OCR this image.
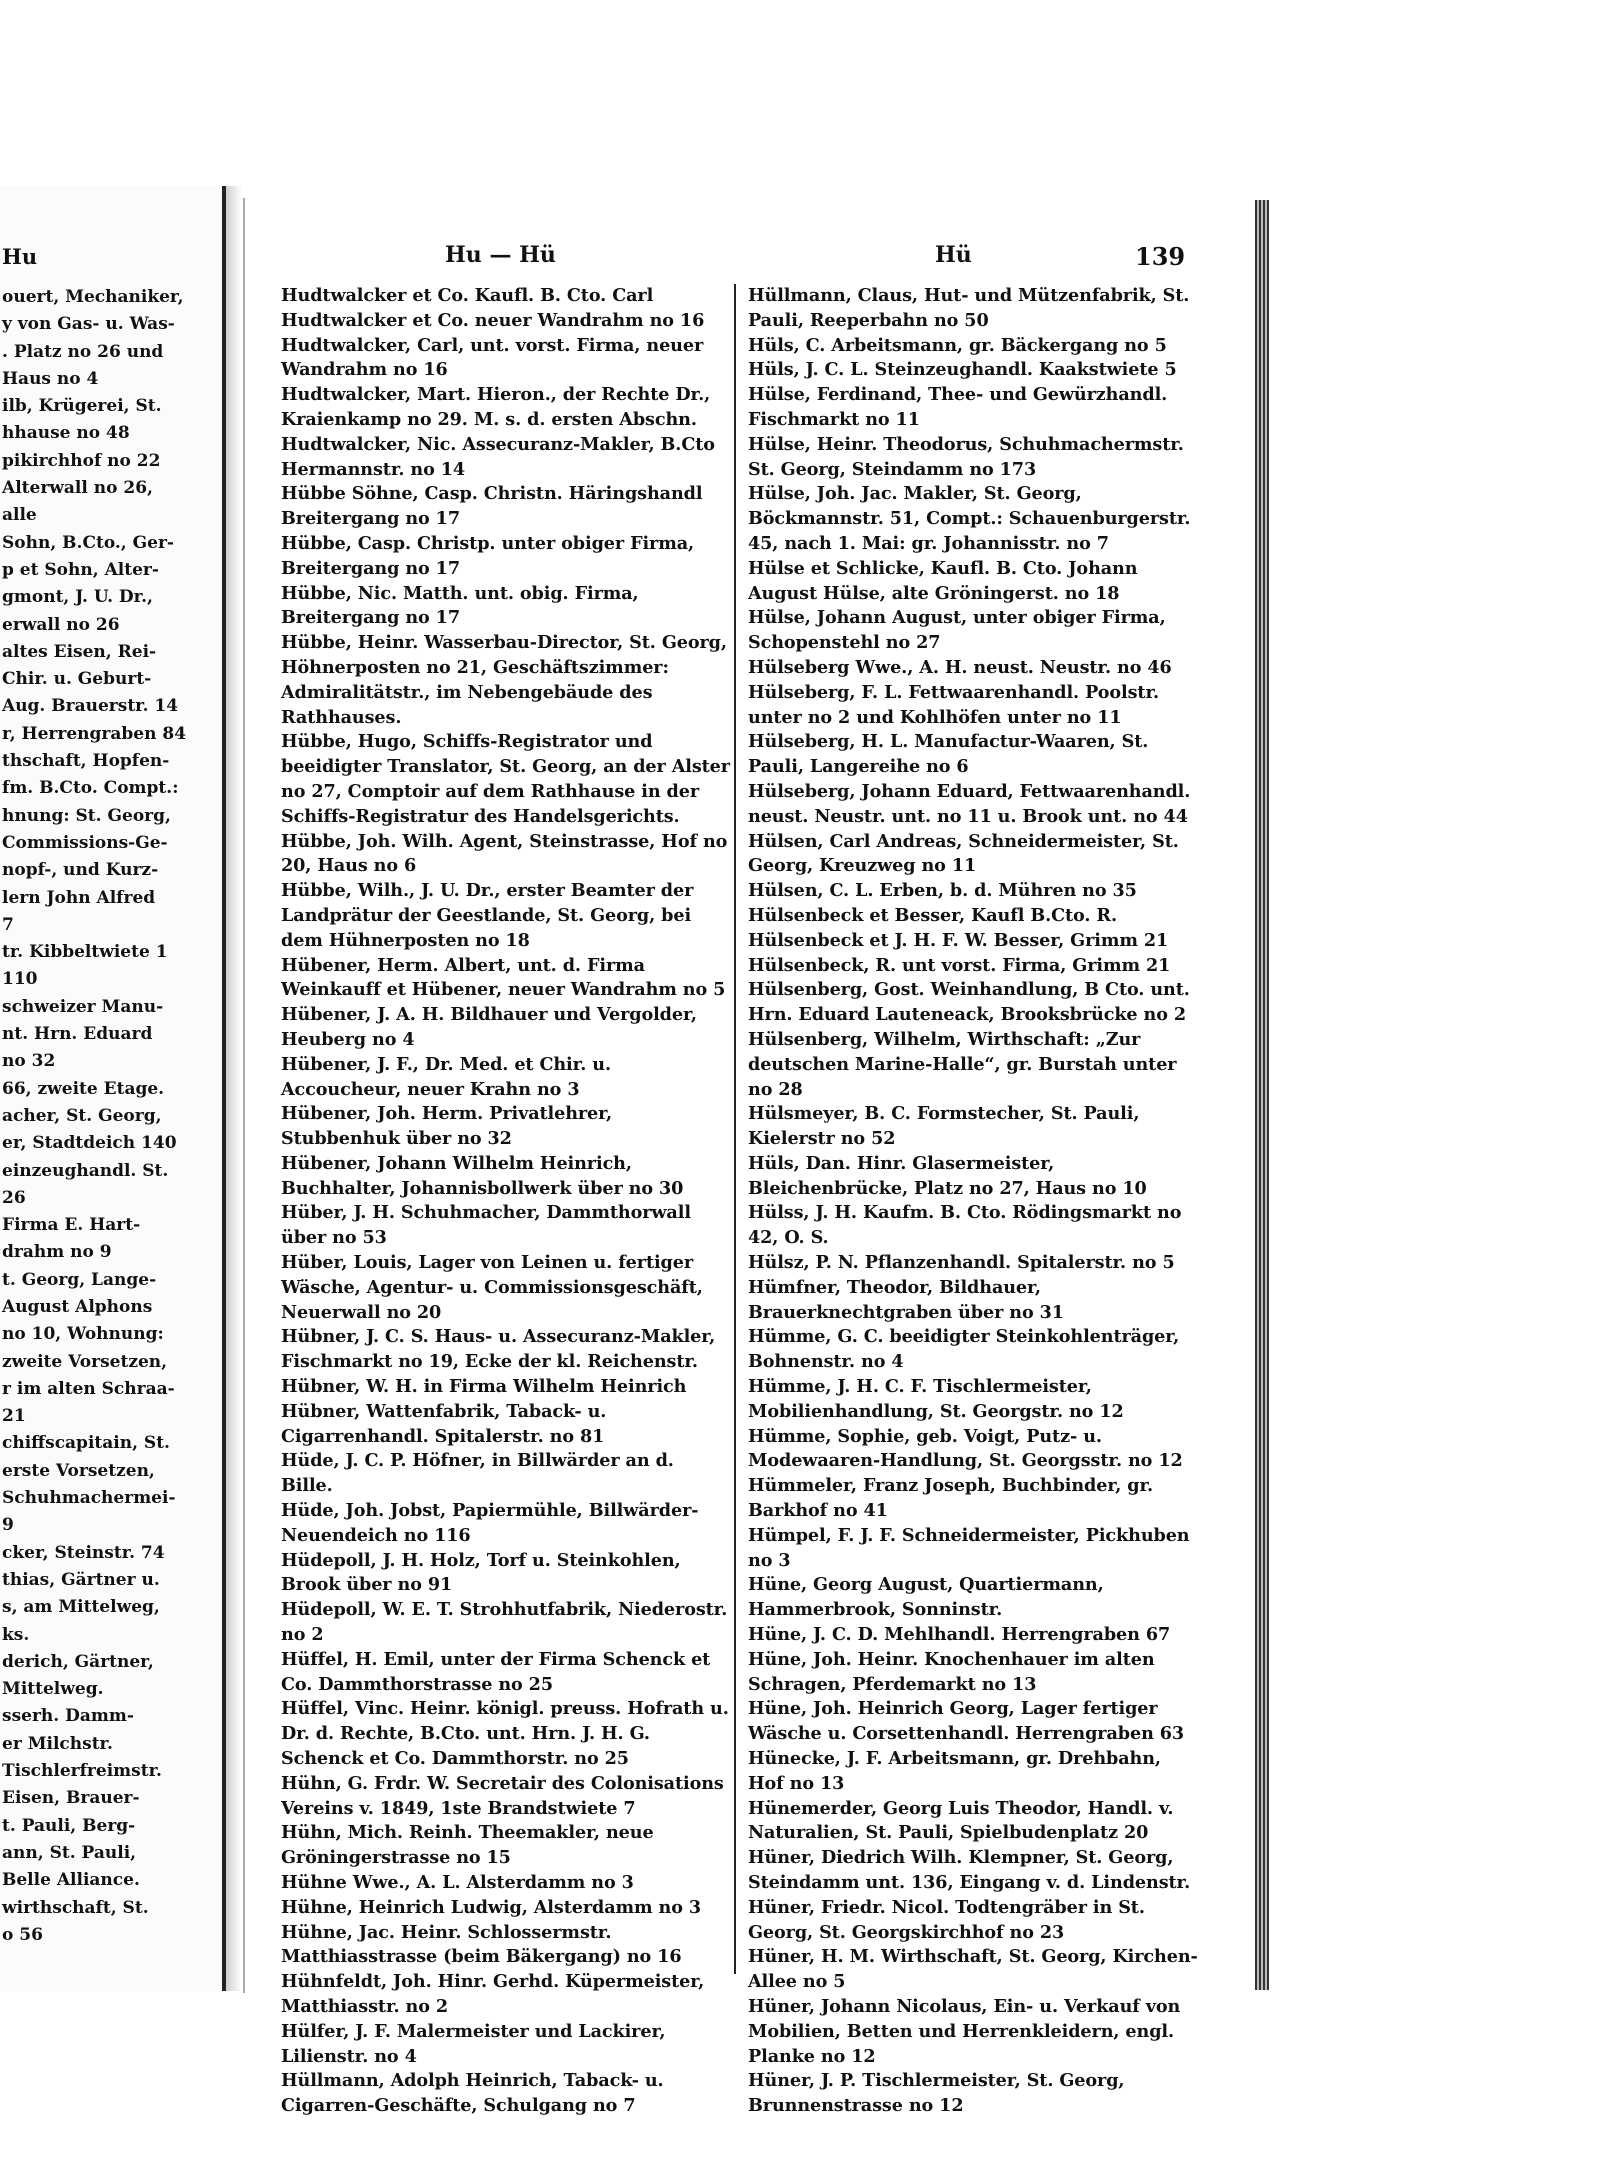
Hu
ouert, Mechaniker,
y von Gas- u. Was-
. Platz no 26 und
Haus no 4
ilb, Krügerei, St.
hhause no 48
pikirchhof no 22
Alterwall no 26,
alle
Sohn, B.Cto., Ger-
p et Sohn, Alter-
gmont, J. U. Dr.,
erwall no 26
altes Eisen, Rei-
Chir. u. Geburt-
Aug. Brauerstr. 14
r, Herrengraben 84
thschaft, Hopfen-
fm. B.Cto. Compt.:
hnung: St. Georg,
Commissions-Ge-
nopf-, und Kurz-
lern John Alfred
7
tr. Kibbeltwiete 1
110
schweizer Manu-
nt. Hrn. Eduard
no 32
66, zweite Etage.
acher, St. Georg,
er, Stadtdeich 140
einzeughandl. St.
26
Firma E. Hart-
drahm no 9
t. Georg, Lange-
August Alphons
no 10, Wohnung:
zweite Vorsetzen,
r im alten Schraa-
21
chiffscapitain, St.
erste Vorsetzen,
Schuhmachermei-
9
cker, Steinstr. 74
thias, Gärtner u.
s, am Mittelweg,
ks.
derich, Gärtner,
Mittelweg.
sserh. Damm-
er Milchstr.
Tischlerfreimstr.
Eisen, Brauer-
t. Pauli, Berg-
ann, St. Pauli,
Belle Alliance.
wirthschaft, St.
o 56
Hu — Hü	Hü	139
Hudtwalcker et Co. Kaufl. B. Cto. Carl Hudtwalcker et Co. neuer Wandrahm no 16
Hudtwalcker, Carl, unt. vorst. Firma, neuer Wandrahm no 16
Hudtwalcker, Mart. Hieron., der Rechte Dr., Kraienkamp no 29. M. s. d. ersten Abschn.
Hudtwalcker, Nic. Assecuranz-Makler, B.Cto Hermannstr. no 14
Hübbe Söhne, Casp. Christn. Häringshandl Breitergang no 17
Hübbe, Casp. Christp. unter obiger Firma, Breitergang no 17
Hübbe, Nic. Matth. unt. obig. Firma, Breitergang no 17
Hübbe, Heinr. Wasserbau-Director, St. Georg, Höhnerposten no 21, Geschäftszimmer: Admiralitätstr., im Nebengebäude des Rathhauses.
Hübbe, Hugo, Schiffs-Registrator und beeidigter Translator, St. Georg, an der Alster no 27, Comptoir auf dem Rathhause in der Schiffs-Registratur des Handelsgerichts.
Hübbe, Joh. Wilh. Agent, Steinstrasse, Hof no 20, Haus no 6
Hübbe, Wilh., J. U. Dr., erster Beamter der Landprätur der Geestlande, St. Georg, bei dem Hühnerposten no 18
Hübener, Herm. Albert, unt. d. Firma Weinkauff et Hübener, neuer Wandrahm no 5
Hübener, J. A. H. Bildhauer und Vergolder, Heuberg no 4
Hübener, J. F., Dr. Med. et Chir. u. Accoucheur, neuer Krahn no 3
Hübener, Joh. Herm. Privatlehrer, Stubbenhuk über no 32
Hübener, Johann Wilhelm Heinrich, Buchhalter, Johannisbollwerk über no 30
Hüber, J. H. Schuhmacher, Dammthorwall über no 53
Hüber, Louis, Lager von Leinen u. fertiger Wäsche, Agentur- u. Commissionsgeschäft, Neuerwall no 20
Hübner, J. C. S. Haus- u. Assecuranz-Makler, Fischmarkt no 19, Ecke der kl. Reichenstr.
Hübner, W. H. in Firma Wilhelm Heinrich Hübner, Wattenfabrik, Taback- u. Cigarrenhandl. Spitalerstr. no 81
Hüde, J. C. P. Höfner, in Billwärder an d. Bille.
Hüde, Joh. Jobst, Papiermühle, Billwärder-Neuendeich no 116
Hüdepoll, J. H. Holz, Torf u. Steinkohlen, Brook über no 91
Hüdepoll, W. E. T. Strohhutfabrik, Niederostr. no 2
Hüffel, H. Emil, unter der Firma Schenck et Co. Dammthorstrasse no 25
Hüffel, Vinc. Heinr. königl. preuss. Hofrath u. Dr. d. Rechte, B.Cto. unt. Hrn. J. H. G. Schenck et Co. Dammthorstr. no 25
Hühn, G. Frdr. W. Secretair des Colonisations Vereins v. 1849, 1ste Brandstwiete 7
Hühn, Mich. Reinh. Theemakler, neue Gröningerstrasse no 15
Hühne Wwe., A. L. Alsterdamm no 3
Hühne, Heinrich Ludwig, Alsterdamm no 3
Hühne, Jac. Heinr. Schlossermstr. Matthiasstrasse (beim Bäkergang) no 16
Hühnfeldt, Joh. Hinr. Gerhd. Küpermeister, Matthiasstr. no 2
Hülfer, J. F. Malermeister und Lackirer, Lilienstr. no 4
Hüllmann, Adolph Heinrich, Taback- u. Cigarren-Geschäfte, Schulgang no 7
Hüllmann, Claus, Hut- und Mützenfabrik, St. Pauli, Reeperbahn no 50
Hüls, C. Arbeitsmann, gr. Bäckergang no 5
Hüls, J. C. L. Steinzeughandl. Kaakstwiete 5
Hülse, Ferdinand, Thee- und Gewürzhandl. Fischmarkt no 11
Hülse, Heinr. Theodorus, Schuhmachermstr. St. Georg, Steindamm no 173
Hülse, Joh. Jac. Makler, St. Georg, Böckmannstr. 51, Compt.: Schauenburgerstr. 45, nach 1. Mai: gr. Johannisstr. no 7
Hülse et Schlicke, Kaufl. B. Cto. Johann August Hülse, alte Gröningerst. no 18
Hülse, Johann August, unter obiger Firma, Schopenstehl no 27
Hülseberg Wwe., A. H. neust. Neustr. no 46
Hülseberg, F. L. Fettwaarenhandl. Poolstr. unter no 2 und Kohlhöfen unter no 11
Hülseberg, H. L. Manufactur-Waaren, St. Pauli, Langereihe no 6
Hülseberg, Johann Eduard, Fettwaarenhandl. neust. Neustr. unt. no 11 u. Brook unt. no 44
Hülsen, Carl Andreas, Schneidermeister, St. Georg, Kreuzweg no 11
Hülsen, C. L. Erben, b. d. Mühren no 35
Hülsenbeck et Besser, Kaufl B.Cto. R. Hülsenbeck et J. H. F. W. Besser, Grimm 21
Hülsenbeck, R. unt vorst. Firma, Grimm 21
Hülsenberg, Gost. Weinhandlung, B Cto. unt. Hrn. Eduard Lauteneack, Brooksbrücke no 2
Hülsenberg, Wilhelm, Wirthschaft: „Zur deutschen Marine-Halle“, gr. Burstah unter no 28
Hülsmeyer, B. C. Formstecher, St. Pauli, Kielerstr no 52
Hüls, Dan. Hinr. Glasermeister, Bleichenbrücke, Platz no 27, Haus no 10
Hülss, J. H. Kaufm. B. Cto. Rödingsmarkt no 42, O. S.
Hülsz, P. N. Pflanzenhandl. Spitalerstr. no 5
Hümfner, Theodor, Bildhauer, Brauerknechtgraben über no 31
Hümme, G. C. beeidigter Steinkohlenträger, Bohnenstr. no 4
Hümme, J. H. C. F. Tischlermeister, Mobilienhandlung, St. Georgstr. no 12
Hümme, Sophie, geb. Voigt, Putz- u. Modewaaren-Handlung, St. Georgsstr. no 12
Hümmeler, Franz Joseph, Buchbinder, gr. Barkhof no 41
Hümpel, F. J. F. Schneidermeister, Pickhuben no 3
Hüne, Georg August, Quartiermann, Hammerbrook, Sonninstr.
Hüne, J. C. D. Mehlhandl. Herrengraben 67
Hüne, Joh. Heinr. Knochenhauer im alten Schragen, Pferdemarkt no 13
Hüne, Joh. Heinrich Georg, Lager fertiger Wäsche u. Corsettenhandl. Herrengraben 63
Hünecke, J. F. Arbeitsmann, gr. Drehbahn, Hof no 13
Hünemerder, Georg Luis Theodor, Handl. v. Naturalien, St. Pauli, Spielbudenplatz 20
Hüner, Diedrich Wilh. Klempner, St. Georg, Steindamm unt. 136, Eingang v. d. Lindenstr.
Hüner, Friedr. Nicol. Todtengräber in St. Georg, St. Georgskirchhof no 23
Hüner, H. M. Wirthschaft, St. Georg, Kirchen-Allee no 5
Hüner, Johann Nicolaus, Ein- u. Verkauf von Mobilien, Betten und Herrenkleidern, engl. Planke no 12
Hüner, J. P. Tischlermeister, St. Georg, Brunnenstrasse no 12
